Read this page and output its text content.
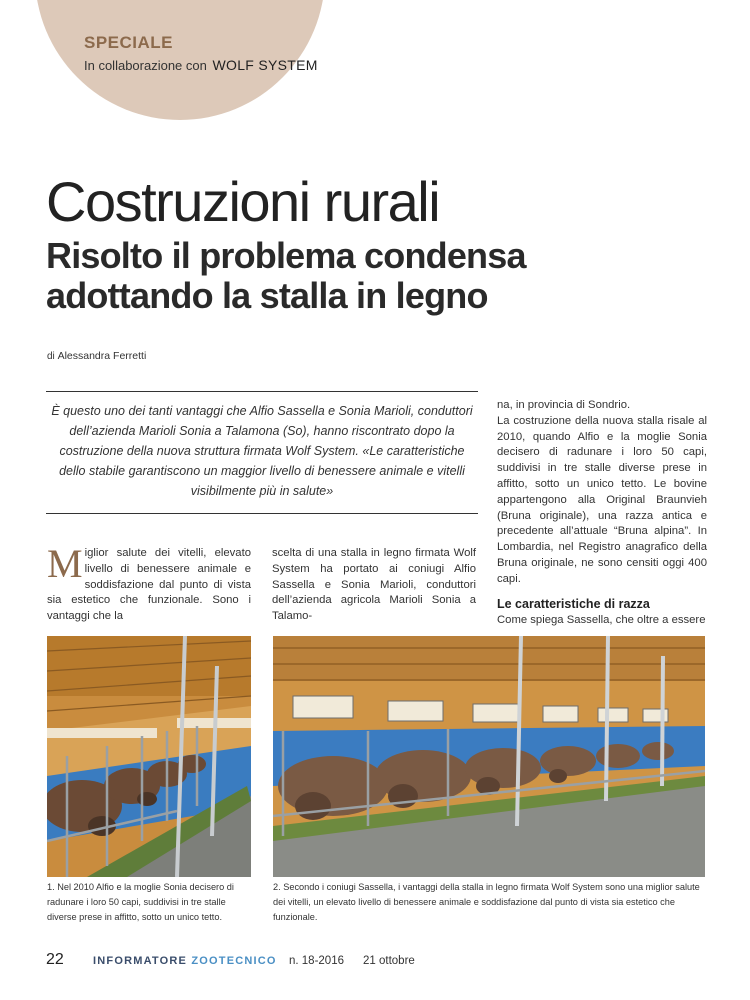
SPECIALE
In collaborazione con WOLF SYSTEM
Costruzioni rurali
Risolto il problema condensa adottando la stalla in legno
di Alessandra Ferretti

È questo uno dei tanti vantaggi che Alfio Sassella e Sonia Marioli, conduttori dell’azienda Marioli Sonia a Talamona (So), hanno riscontrato dopo la costruzione della nuova struttura firmata Wolf System. «Le caratteristiche dello stabile garantiscono un maggior livello di benessere animale e vitelli visibilmente più in salute»

M iglior salute dei vitelli, elevato livello di benessere animale e soddisfazione dal punto di vista sia estetico che funzionale. Sono i vantaggi che la
scelta di una stalla in legno firmata Wolf System ha portato ai coniugi Alfio Sassella e Sonia Marioli, conduttori dell’azienda agricola Marioli Sonia a Talamo-

na, in provincia di Sondrio.

La costruzione della nuova stalla risale al 2010, quando Alfio e la moglie Sonia decisero di radunare i loro 50 capi, suddivisi in tre stalle diverse prese in affitto, sotto un unico tetto. Le bovine appartengono alla Original Braunvieh (Bruna originale), una razza antica e precedente all’attuale “Bruna alpina”. In Lombardia, nel Registro anagrafico della Bruna originale, ne sono censiti oggi 400 capi.

Le caratteristiche di razza

Come spiega Sassella, che oltre a essere

1. Nel 2010 Alfio e la moglie Sonia decisero di radunare i loro 50 capi, suddivisi in tre stalle diverse prese in affitto, sotto un unico tetto.

2. Secondo i coniugi Sassella, i vantaggi della stalla in legno firmata Wolf System sono una miglior salute dei vitelli, un elevato livello di benessere animale e soddisfazione dal punto di vista sia estetico che funzionale.

22	INFORMATORE ZOOTECNICO n. 18-2016 21 ottobre
